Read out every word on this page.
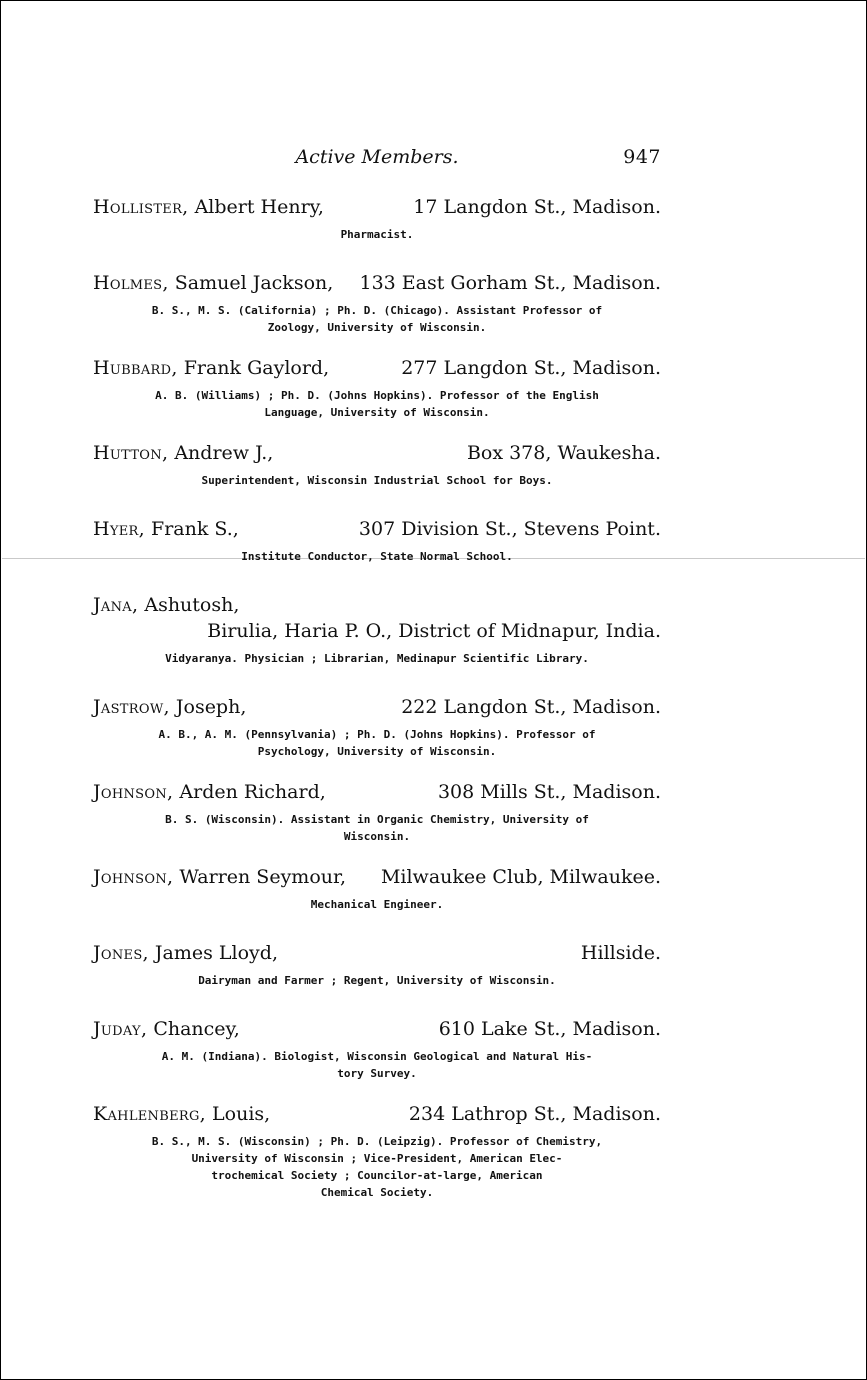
Active Members.	947
Hollister, Albert Henry,	17 Langdon St., Madison.
Pharmacist.
Holmes, Samuel Jackson, 133 East Gorham St., Madison.
B. S., M. S. (California) ; Ph. D. (Chicago). Assistant Professor of
Zoology, University of Wisconsin.
Hubbard, Frank Gaylord,	277 Langdon St., Madison.
A. B. (Williams) ; Ph. D. (Johns Hopkins). Professor of the English
Language, University of Wisconsin.
Hutton, Andrew J.,	Box 378, Waukesha.
Superintendent, Wisconsin Industrial School for Boys.
Hyer, Frank S.,	307 Division St., Stevens Point.
Institute Conductor, State Normal School.
Jana, Ashutosh,
Birulia, Haria P. O., District of Midnapur, India.
Vidyaranya. Physician ; Librarian, Medinapur Scientific Library.
Jastrow, Joseph,	222 Langdon St., Madison.
A. B., A. M. (Pennsylvania) ; Ph. D. (Johns Hopkins). Professor of
Psychology, University of Wisconsin.
Johnson, Arden Richard,	308 Mills St., Madison.
B. S. (Wisconsin). Assistant in Organic Chemistry, University of
Wisconsin.
Johnson, Warren Seymour, Milwaukee Club, Milwaukee.
Mechanical Engineer.
Jones, James Lloyd,	Hillside.
Dairyman and Farmer ; Regent, University of Wisconsin.
Juday, Chancey,	610 Lake St., Madison.
A. M. (Indiana). Biologist, Wisconsin Geological and Natural His-
tory Survey.
Kahlenberg, Louis,	234 Lathrop St., Madison.
B. S., M. S. (Wisconsin) ; Ph. D. (Leipzig). Professor of Chemistry,
University of Wisconsin ; Vice-President, American Elec-
trochemical Society ; Councilor-at-large, American
Chemical Society.
